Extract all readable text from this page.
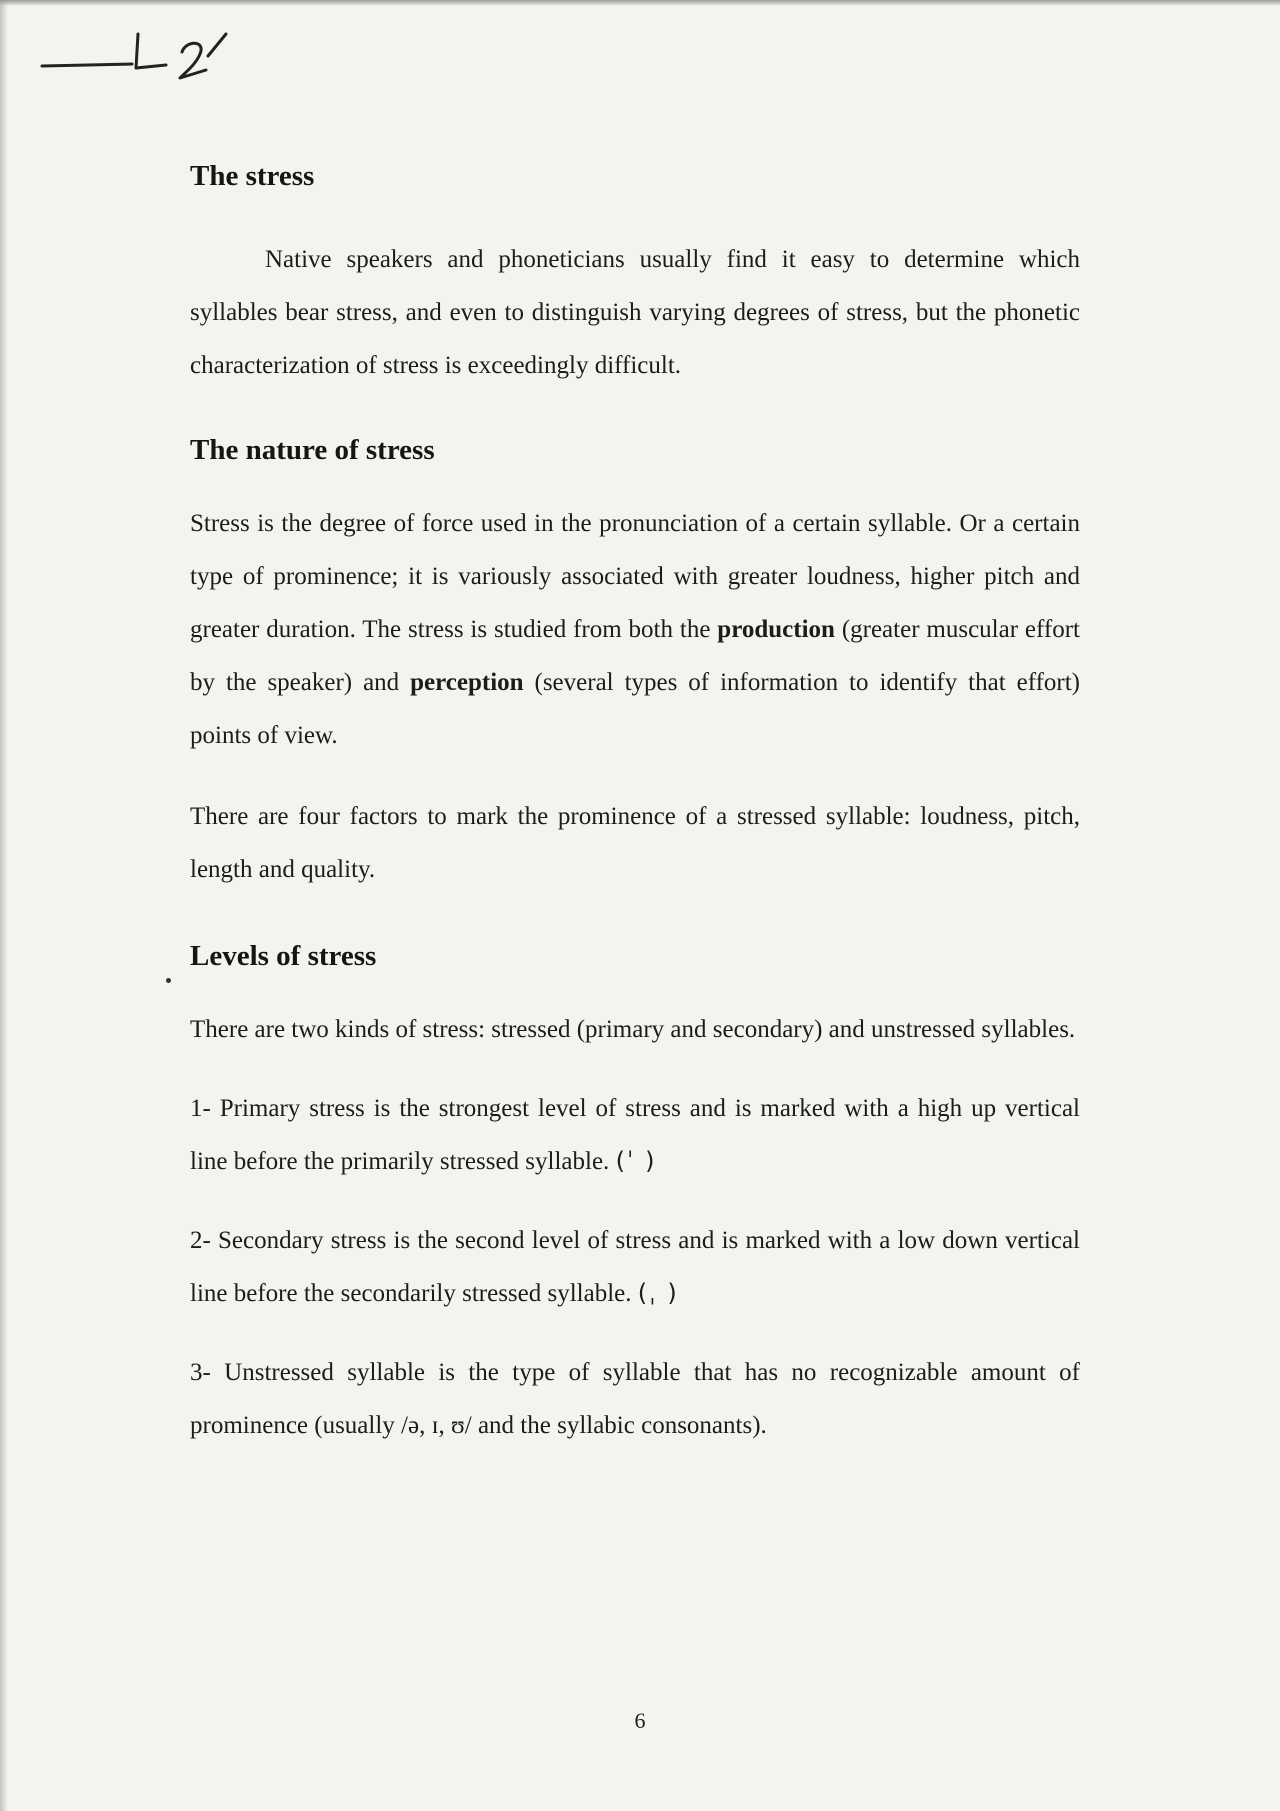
The stress

Native speakers and phoneticians usually find it easy to determine which syllables bear stress, and even to distinguish varying degrees of stress, but the phonetic characterization of stress is exceedingly difficult.

The nature of stress

Stress is the degree of force used in the pronunciation of a certain syllable. Or a certain type of prominence; it is variously associated with greater loudness, higher pitch and greater duration. The stress is studied from both the production (greater muscular effort by the speaker) and perception (several types of information to identify that effort) points of view.

There are four factors to mark the prominence of a stressed syllable: loudness, pitch, length and quality.

Levels of stress

There are two kinds of stress: stressed (primary and secondary) and unstressed syllables.

1- Primary stress is the strongest level of stress and is marked with a high up vertical line before the primarily stressed syllable. (ˈ )

2- Secondary stress is the second level of stress and is marked with a low down vertical line before the secondarily stressed syllable. (ˌ )

3- Unstressed syllable is the type of syllable that has no recognizable amount of prominence (usually /ə, ɪ, ʊ/ and the syllabic consonants).

6
